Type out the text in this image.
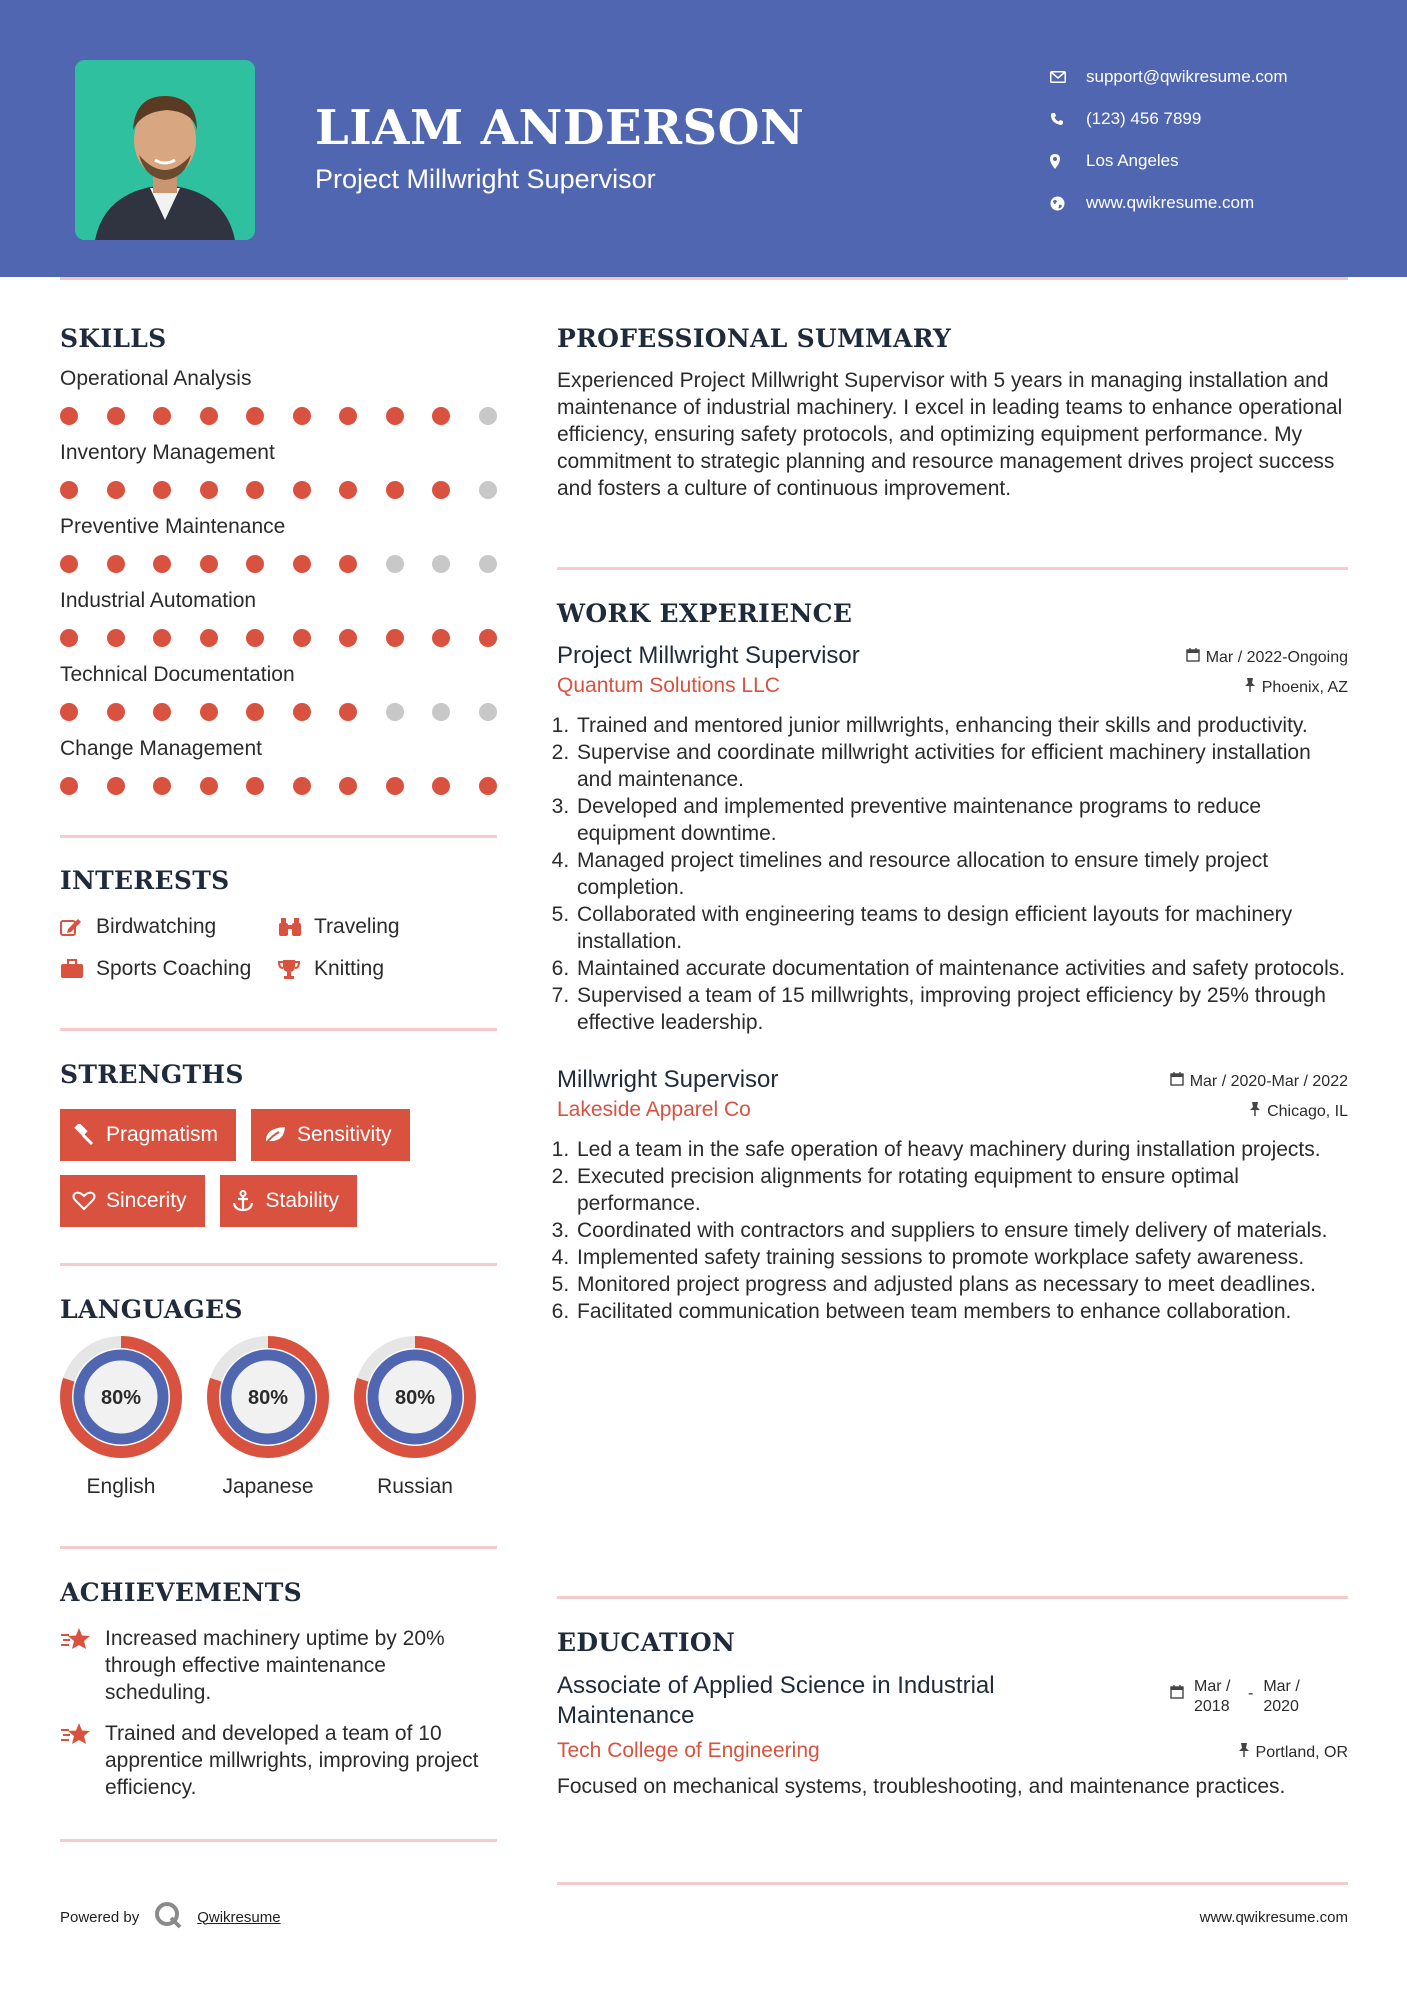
LIAM ANDERSON
Project Millwright Supervisor
support@qwikresume.com
(123) 456 7899
Los Angeles
www.qwikresume.com
SKILLS
Operational Analysis
Inventory Management
Preventive Maintenance
Industrial Automation
Technical Documentation
Change Management
INTERESTS
Birdwatching	Traveling
Sports Coaching	Knitting
STRENGTHS
Pragmatism	Sensitivity
Sincerity	Stability
LANGUAGES
80%
English
80%
Japanese
80%
Russian
ACHIEVEMENTS
Increased machinery uptime by 20% through effective maintenance scheduling.
Trained and developed a team of 10 apprentice millwrights, improving project efficiency.
PROFESSIONAL SUMMARY
Experienced Project Millwright Supervisor with 5 years in managing installation and maintenance of industrial machinery. I excel in leading teams to enhance operational efficiency, ensuring safety protocols, and optimizing equipment performance. My commitment to strategic planning and resource management drives project success and fosters a culture of continuous improvement.
WORK EXPERIENCE
Project Millwright Supervisor	Mar / 2022-Ongoing
Quantum Solutions LLC	Phoenix, AZ
1. Trained and mentored junior millwrights, enhancing their skills and productivity.
2. Supervise and coordinate millwright activities for efficient machinery installation and maintenance.
3. Developed and implemented preventive maintenance programs to reduce equipment downtime.
4. Managed project timelines and resource allocation to ensure timely project completion.
5. Collaborated with engineering teams to design efficient layouts for machinery installation.
6. Maintained accurate documentation of maintenance activities and safety protocols.
7. Supervised a team of 15 millwrights, improving project efficiency by 25% through effective leadership.
Millwright Supervisor	Mar / 2020-Mar / 2022
Lakeside Apparel Co	Chicago, IL
1. Led a team in the safe operation of heavy machinery during installation projects.
2. Executed precision alignments for rotating equipment to ensure optimal performance.
3. Coordinated with contractors and suppliers to ensure timely delivery of materials.
4. Implemented safety training sessions to promote workplace safety awareness.
5. Monitored project progress and adjusted plans as necessary to meet deadlines.
6. Facilitated communication between team members to enhance collaboration.
EDUCATION
Associate of Applied Science in Industrial Maintenance
Mar / 2018
- Mar / 2020
Tech College of Engineering	Portland, OR
Focused on mechanical systems, troubleshooting, and maintenance practices.
Powered by	Qwikresume	www.qwikresume.com
